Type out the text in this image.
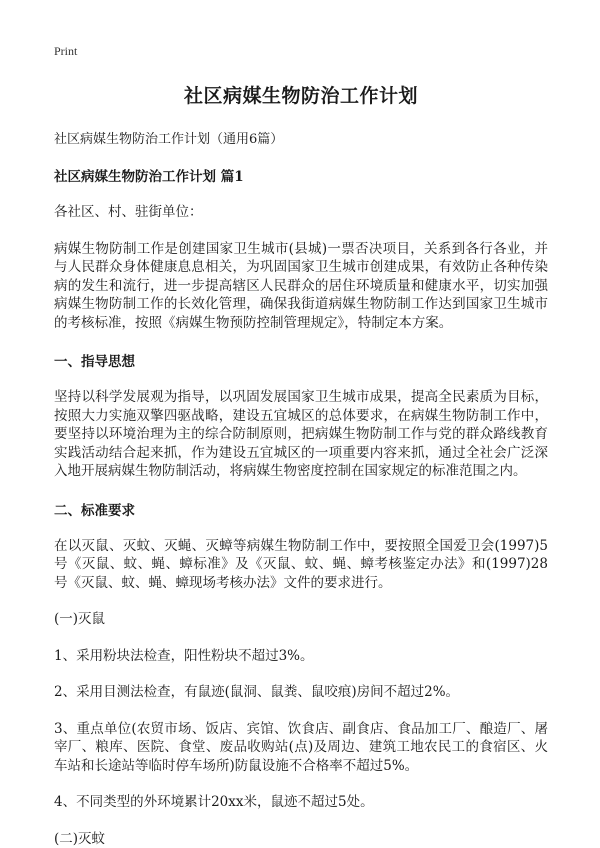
Print
社区病媒生物防治工作计划
社区病媒生物防治工作计划（通用6篇）
社区病媒生物防治工作计划 篇1
各社区、村、驻街单位：
病媒生物防制工作是创建国家卫生城市(县城)一票否决项目，关系到各行各业，并与人民群众身体健康息息相关，为巩固国家卫生城市创建成果，有效防止各种传染病的发生和流行，进一步提高辖区人民群众的居住环境质量和健康水平，切实加强病媒生物防制工作的长效化管理，确保我街道病媒生物防制工作达到国家卫生城市的考核标准，按照《病媒生物预防控制管理规定》，特制定本方案。
一、指导思想
坚持以科学发展观为指导，以巩固发展国家卫生城市成果，提高全民素质为目标，按照大力实施双擎四驱战略，建设五宜城区的总体要求，在病媒生物防制工作中，要坚持以环境治理为主的综合防制原则，把病媒生物防制工作与党的群众路线教育实践活动结合起来抓，作为建设五宜城区的一项重要内容来抓，通过全社会广泛深入地开展病媒生物防制活动，将病媒生物密度控制在国家规定的标准范围之内。
二、标准要求
在以灭鼠、灭蚊、灭蝇、灭蟑等病媒生物防制工作中，要按照全国爱卫会(1997)5号《灭鼠、蚊、蝇、蟑标准》及《灭鼠、蚊、蝇、蟑考核鉴定办法》和(1997)28号《灭鼠、蚊、蝇、蟑现场考核办法》文件的要求进行。
(一)灭鼠
1、采用粉块法检查，阳性粉块不超过3%。
2、采用目测法检查，有鼠迹(鼠洞、鼠粪、鼠咬痕)房间不超过2%。
3、重点单位(农贸市场、饭店、宾馆、饮食店、副食店、食品加工厂、酿造厂、屠宰厂、粮库、医院、食堂、废品收购站(点)及周边、建筑工地农民工的食宿区、火车站和长途站等临时停车场所)防鼠设施不合格率不超过5%。
4、不同类型的外环境累计20xx米，鼠迹不超过5处。
(二)灭蚊
